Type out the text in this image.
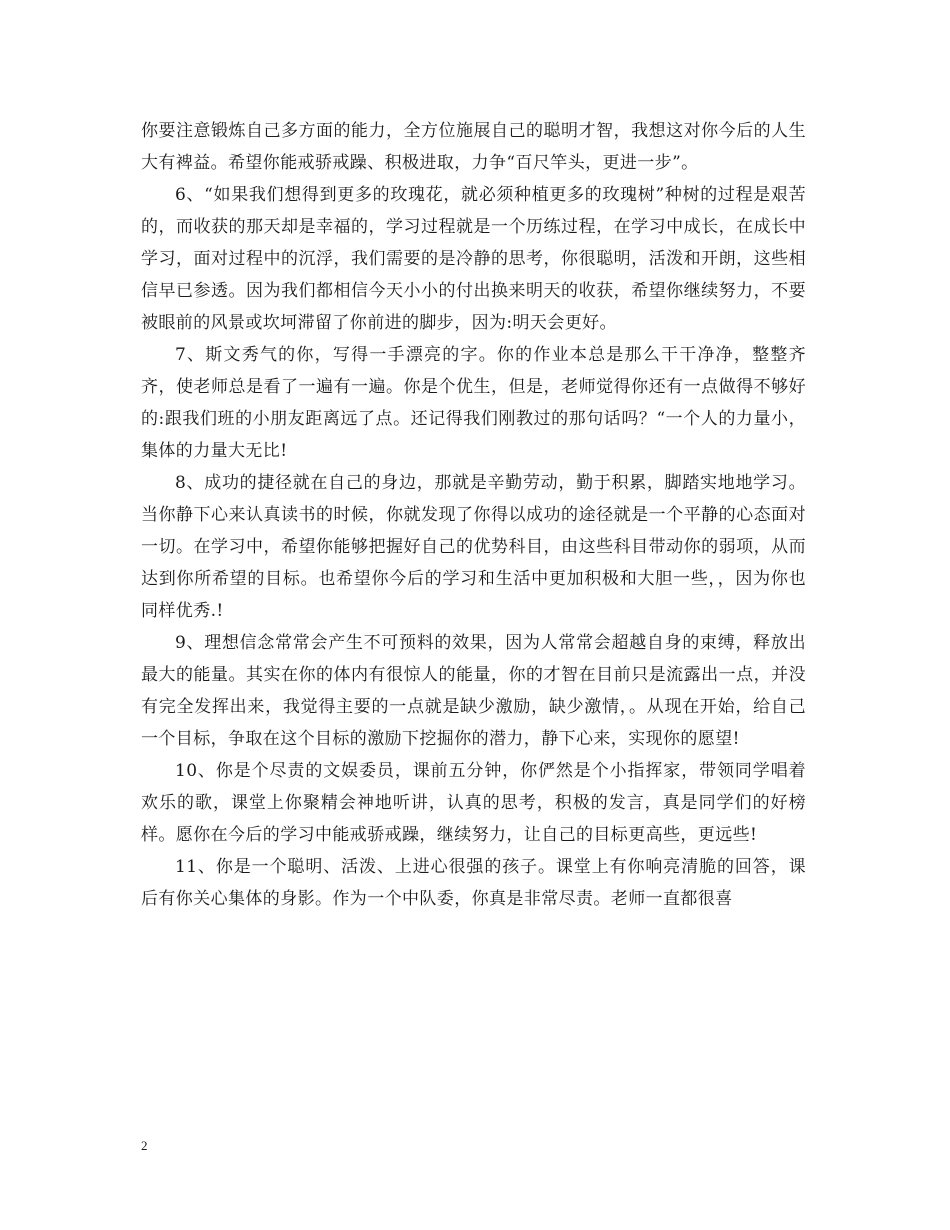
你要注意锻炼自己多方面的能力，全方位施展自己的聪明才智，我想这对你今后的人生大有裨益。希望你能戒骄戒躁、积极进取，力争“百尺竿头，更进一步”。

6、“如果我们想得到更多的玫瑰花，就必须种植更多的玫瑰树”种树的过程是艰苦的，而收获的那天却是幸福的，学习过程就是一个历练过程，在学习中成长，在成长中学习，面对过程中的沉浮，我们需要的是冷静的思考，你很聪明，活泼和开朗，这些相信早已参透。因为我们都相信今天小小的付出换来明天的收获，希望你继续努力，不要被眼前的风景或坎坷滞留了你前进的脚步，因为:明天会更好。

7、斯文秀气的你，写得一手漂亮的字。你的作业本总是那么干干净净，整整齐齐，使老师总是看了一遍有一遍。你是个优生，但是，老师觉得你还有一点做得不够好的:跟我们班的小朋友距离远了点。还记得我们刚教过的那句话吗？“一个人的力量小，集体的力量大无比!

8、成功的捷径就在自己的身边，那就是辛勤劳动，勤于积累，脚踏实地地学习。当你静下心来认真读书的时候，你就发现了你得以成功的途径就是一个平静的心态面对一切。在学习中，希望你能够把握好自己的优势科目，由这些科目带动你的弱项，从而达到你所希望的目标。也希望你今后的学习和生活中更加积极和大胆一些，，因为你也同样优秀.!

9、理想信念常常会产生不可预料的效果，因为人常常会超越自身的束缚，释放出最大的能量。其实在你的体内有很惊人的能量，你的才智在目前只是流露出一点，并没有完全发挥出来，我觉得主要的一点就是缺少激励，缺少激情，。从现在开始，给自己一个目标，争取在这个目标的激励下挖掘你的潜力，静下心来，实现你的愿望!

10、你是个尽责的文娱委员，课前五分钟，你俨然是个小指挥家，带领同学唱着欢乐的歌，课堂上你聚精会神地听讲，认真的思考，积极的发言，真是同学们的好榜样。愿你在今后的学习中能戒骄戒躁，继续努力，让自己的目标更高些，更远些!

11、你是一个聪明、活泼、上进心很强的孩子。课堂上有你响亮清脆的回答，课后有你关心集体的身影。作为一个中队委，你真是非常尽责。老师一直都很喜

2
